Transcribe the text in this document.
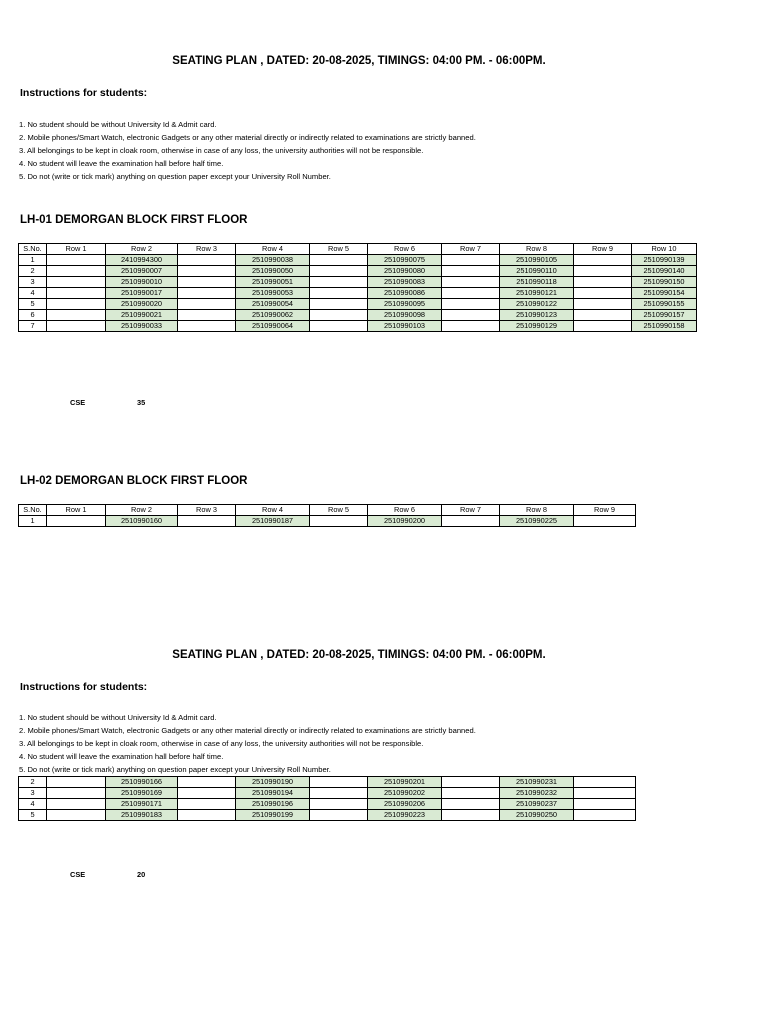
SEATING PLAN , DATED: 20-08-2025, TIMINGS: 04:00 PM. - 06:00PM.
Instructions for students:
1. No student should be without University Id & Admit card.
2. Mobile phones/Smart Watch, electronic Gadgets or any other material directly or indirectly related to examinations are strictly banned.
3. All belongings to be kept in cloak room, otherwise in case of any loss, the university authorities will not be responsible.
4. No student will leave the examination hall before half time.
5. Do not (write or tick mark) anything on question paper except your University Roll Number.
LH-01 DEMORGAN BLOCK FIRST FLOOR
S.No.	Row 1	Row 2	Row 3	Row 4	Row 5	Row 6	Row 7	Row 8	Row 9	Row 10
1		2410994300		2510990038		2510990075		2510990105		2510990139
2		2510990007		2510990050		2510990080		2510990110		2510990140
3		2510990010		2510990051		2510990083		2510990118		2510990150
4		2510990017		2510990053		2510990086		2510990121		2510990154
5		2510990020		2510990054		2510990095		2510990122		2510990155
6		2510990021		2510990062		2510990098		2510990123		2510990157
7		2510990033		2510990064		2510990103		2510990129		2510990158
CSE	35
LH-02 DEMORGAN BLOCK FIRST FLOOR
S.No.	Row 1	Row 2	Row 3	Row 4	Row 5	Row 6	Row 7	Row 8	Row 9
1		2510990160		2510990187		2510990200		2510990225	
SEATING PLAN , DATED: 20-08-2025, TIMINGS: 04:00 PM. - 06:00PM.
Instructions for students:
1. No student should be without University Id & Admit card.
2. Mobile phones/Smart Watch, electronic Gadgets or any other material directly or indirectly related to examinations are strictly banned.
3. All belongings to be kept in cloak room, otherwise in case of any loss, the university authorities will not be responsible.
4. No student will leave the examination hall before half time.
5. Do not (write or tick mark) anything on question paper except your University Roll Number.
2		2510990166		2510990190		2510990201		2510990231	
3		2510990169		2510990194		2510990202		2510990232	
4		2510990171		2510990196		2510990206		2510990237	
5		2510990183		2510990199		2510990223		2510990250	
CSE	20
